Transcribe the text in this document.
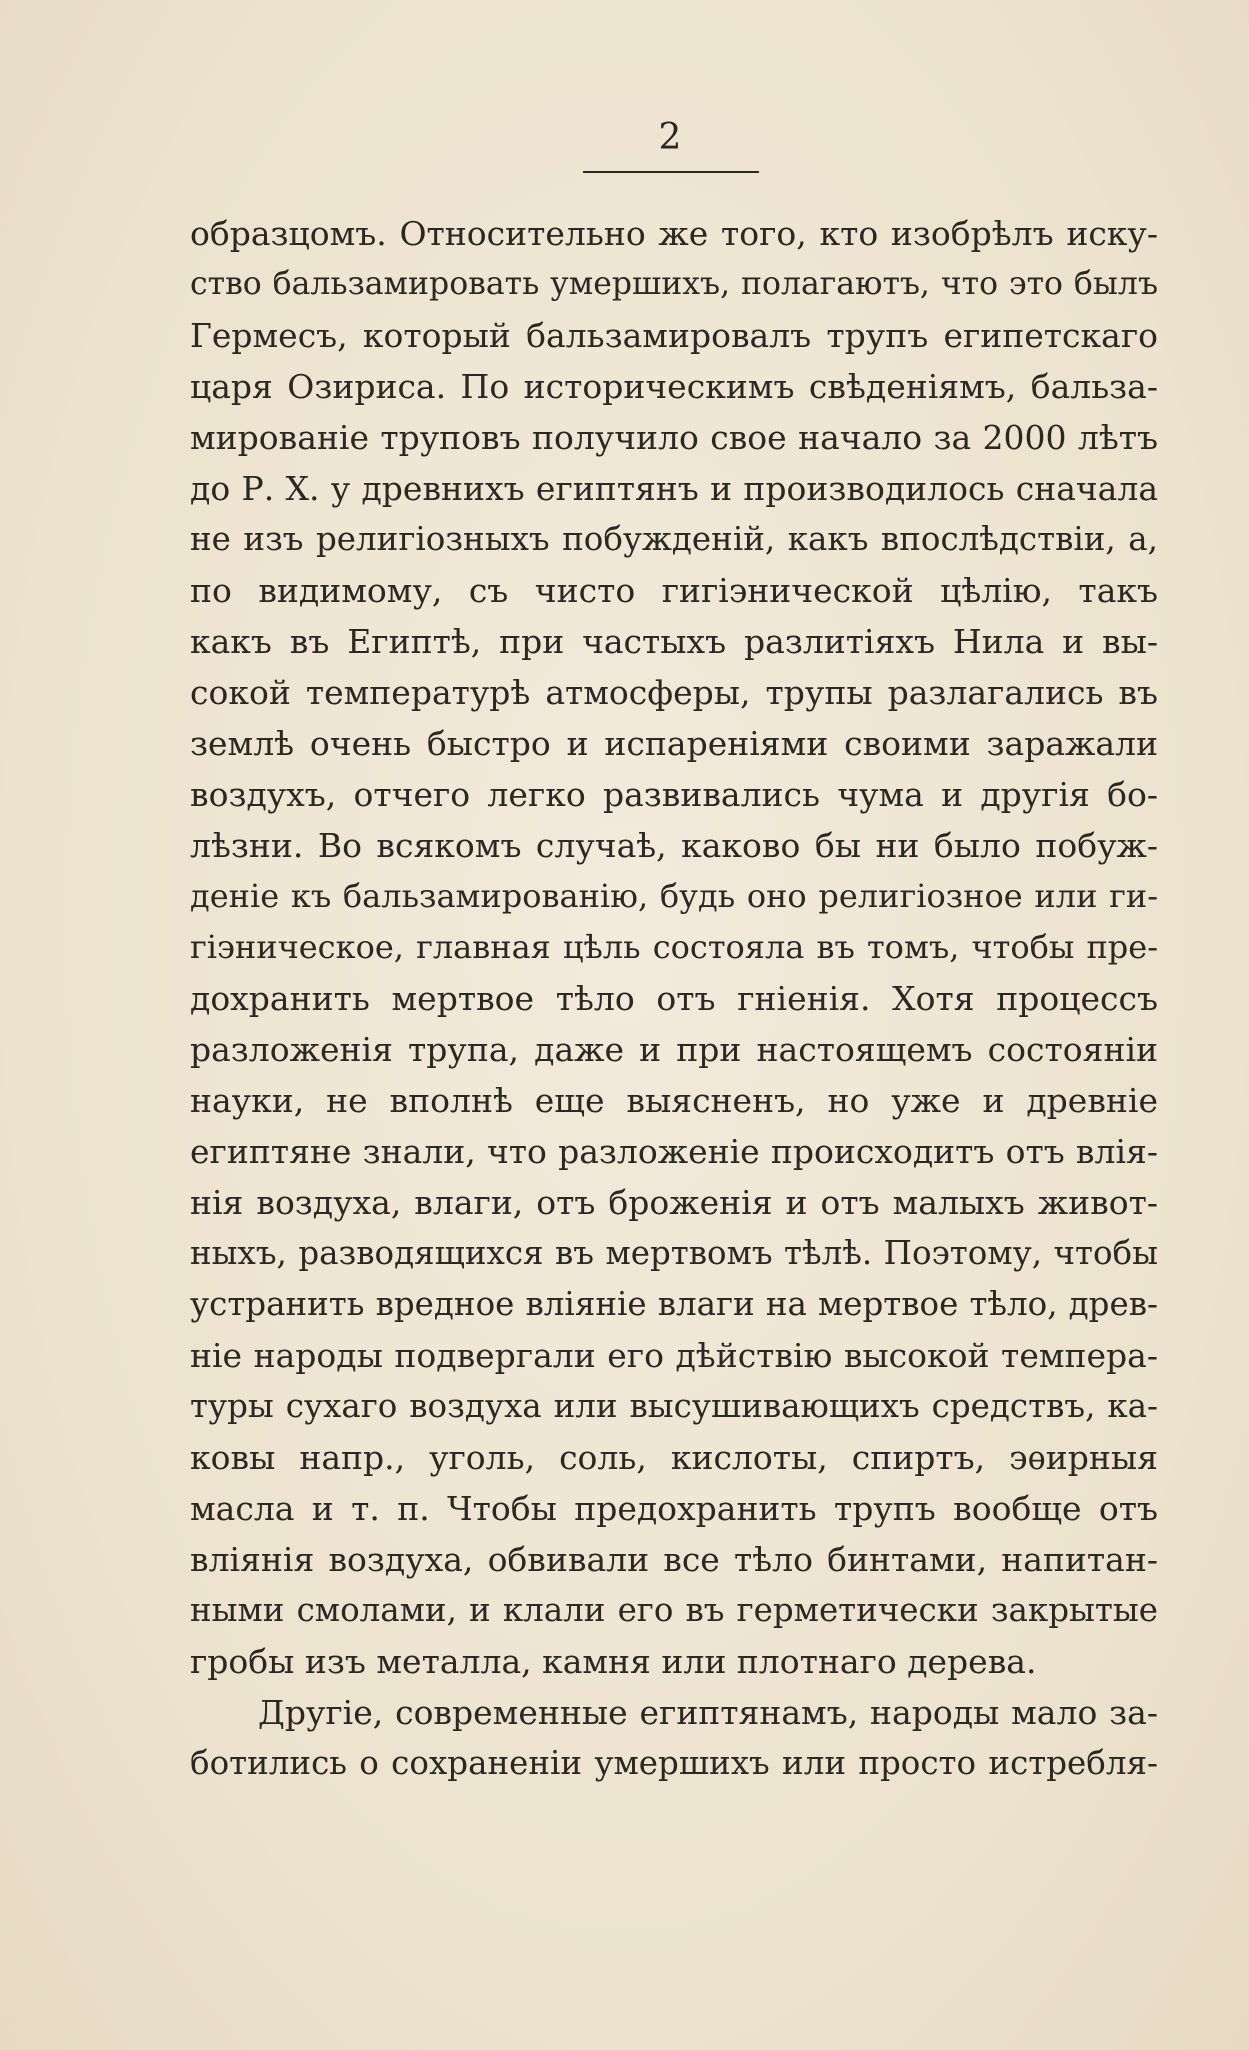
2
образцомъ. Относительно же того, кто изобрѣлъ иску-
ство бальзамировать умершихъ, полагаютъ, что это былъ
Гермесъ, который бальзамировалъ трупъ египетскаго
царя Озириса. По историческимъ свѣденіямъ, бальза-
мированіе труповъ получило свое начало за 2000 лѣтъ
до Р. Х. у древнихъ египтянъ и производилось сначала
не изъ религіозныхъ побужденій, какъ впослѣдствіи, а,
по видимому, съ чисто гигіэнической цѣлію, такъ
какъ въ Египтѣ, при частыхъ разлитіяхъ Нила и вы-
сокой температурѣ атмосферы, трупы разлагались въ
землѣ очень быстро и испареніями своими заражали
воздухъ, отчего легко развивались чума и другія бо-
лѣзни. Во всякомъ случаѣ, каково бы ни было побуж-
деніе къ бальзамированію, будь оно религіозное или ги-
гіэническое, главная цѣль состояла въ томъ, чтобы пре-
дохранить мертвое тѣло отъ гніенія. Хотя процессъ
разложенія трупа, даже и при настоящемъ состояніи
науки, не вполнѣ еще выясненъ, но уже и древніе
египтяне знали, что разложеніе происходитъ отъ влія-
нія воздуха, влаги, отъ броженія и отъ малыхъ живот-
ныхъ, разводящихся въ мертвомъ тѣлѣ. Поэтому, чтобы
устранить вредное вліяніе влаги на мертвое тѣло, древ-
ніе народы подвергали его дѣйствію высокой темпера-
туры сухаго воздуха или высушивающихъ средствъ, ка-
ковы напр., уголь, соль, кислоты, спиртъ, эѳирныя
масла и т. п. Чтобы предохранить трупъ вообще отъ
вліянія воздуха, обвивали все тѣло бинтами, напитан-
ными смолами, и клали его въ герметически закрытые
гробы изъ металла, камня или плотнаго дерева.
Другіе, современные египтянамъ, народы мало за-
ботились о сохраненіи умершихъ или просто истребля-
